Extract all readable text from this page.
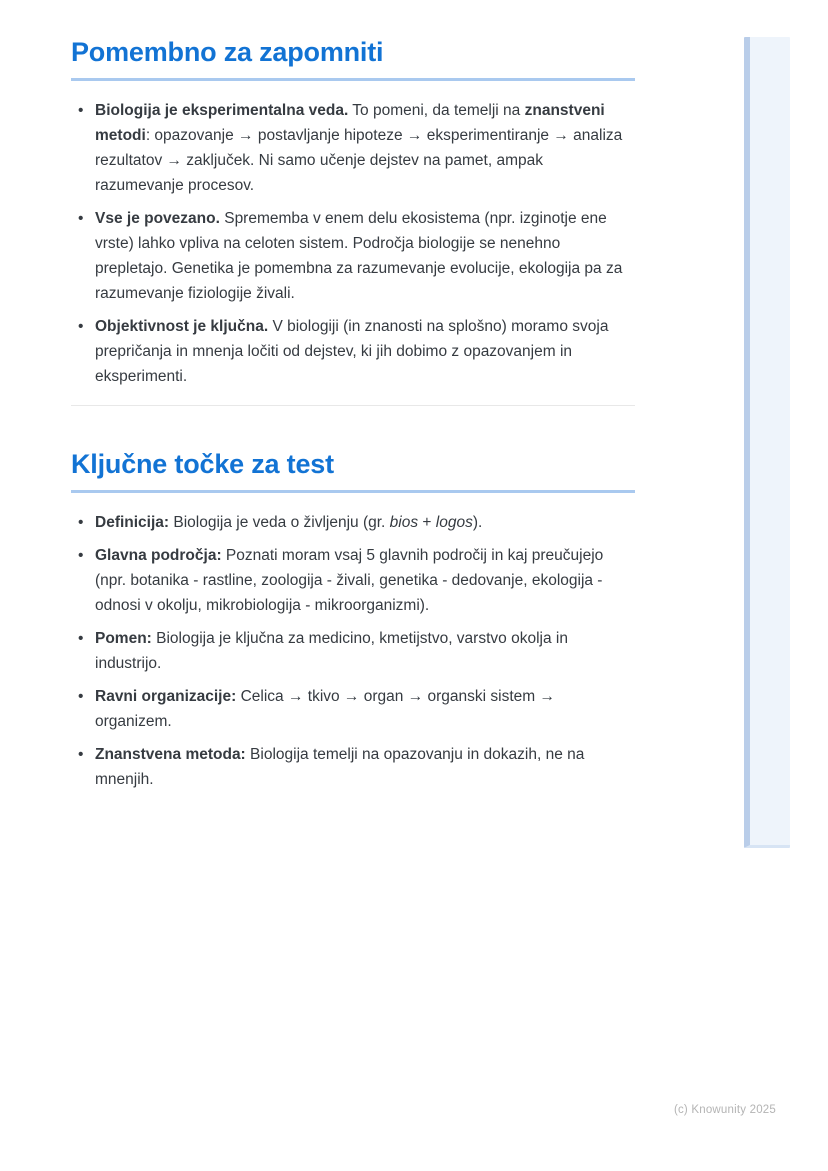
Pomembno za zapomniti
• Biologija je eksperimentalna veda. To pomeni, da temelji na znanstveni metodi: opazovanje → postavljanje hipoteze → eksperimentiranje → analiza rezultatov → zaključek. Ni samo učenje dejstev na pamet, ampak razumevanje procesov.
• Vse je povezano. Sprememba v enem delu ekosistema (npr. izginotje ene vrste) lahko vpliva na celoten sistem. Področja biologije se nenehno prepletajo. Genetika je pomembna za razumevanje evolucije, ekologija pa za razumevanje fiziologije živali.
• Objektivnost je ključna. V biologiji (in znanosti na splošno) moramo svoja prepričanja in mnenja ločiti od dejstev, ki jih dobimo z opazovanjem in eksperimenti.
Ključne točke za test
• Definicija: Biologija je veda o življenju (gr. bios + logos).
• Glavna področja: Poznati moram vsaj 5 glavnih področij in kaj preučujejo (npr. botanika - rastline, zoologija - živali, genetika - dedovanje, ekologija - odnosi v okolju, mikrobiologija - mikroorganizmi).
• Pomen: Biologija je ključna za medicino, kmetijstvo, varstvo okolja in industrijo.
• Ravni organizacije: Celica → tkivo → organ → organski sistem → organizem.
• Znanstvena metoda: Biologija temelji na opazovanju in dokazih, ne na mnenjih.
(c) Knowunity 2025
